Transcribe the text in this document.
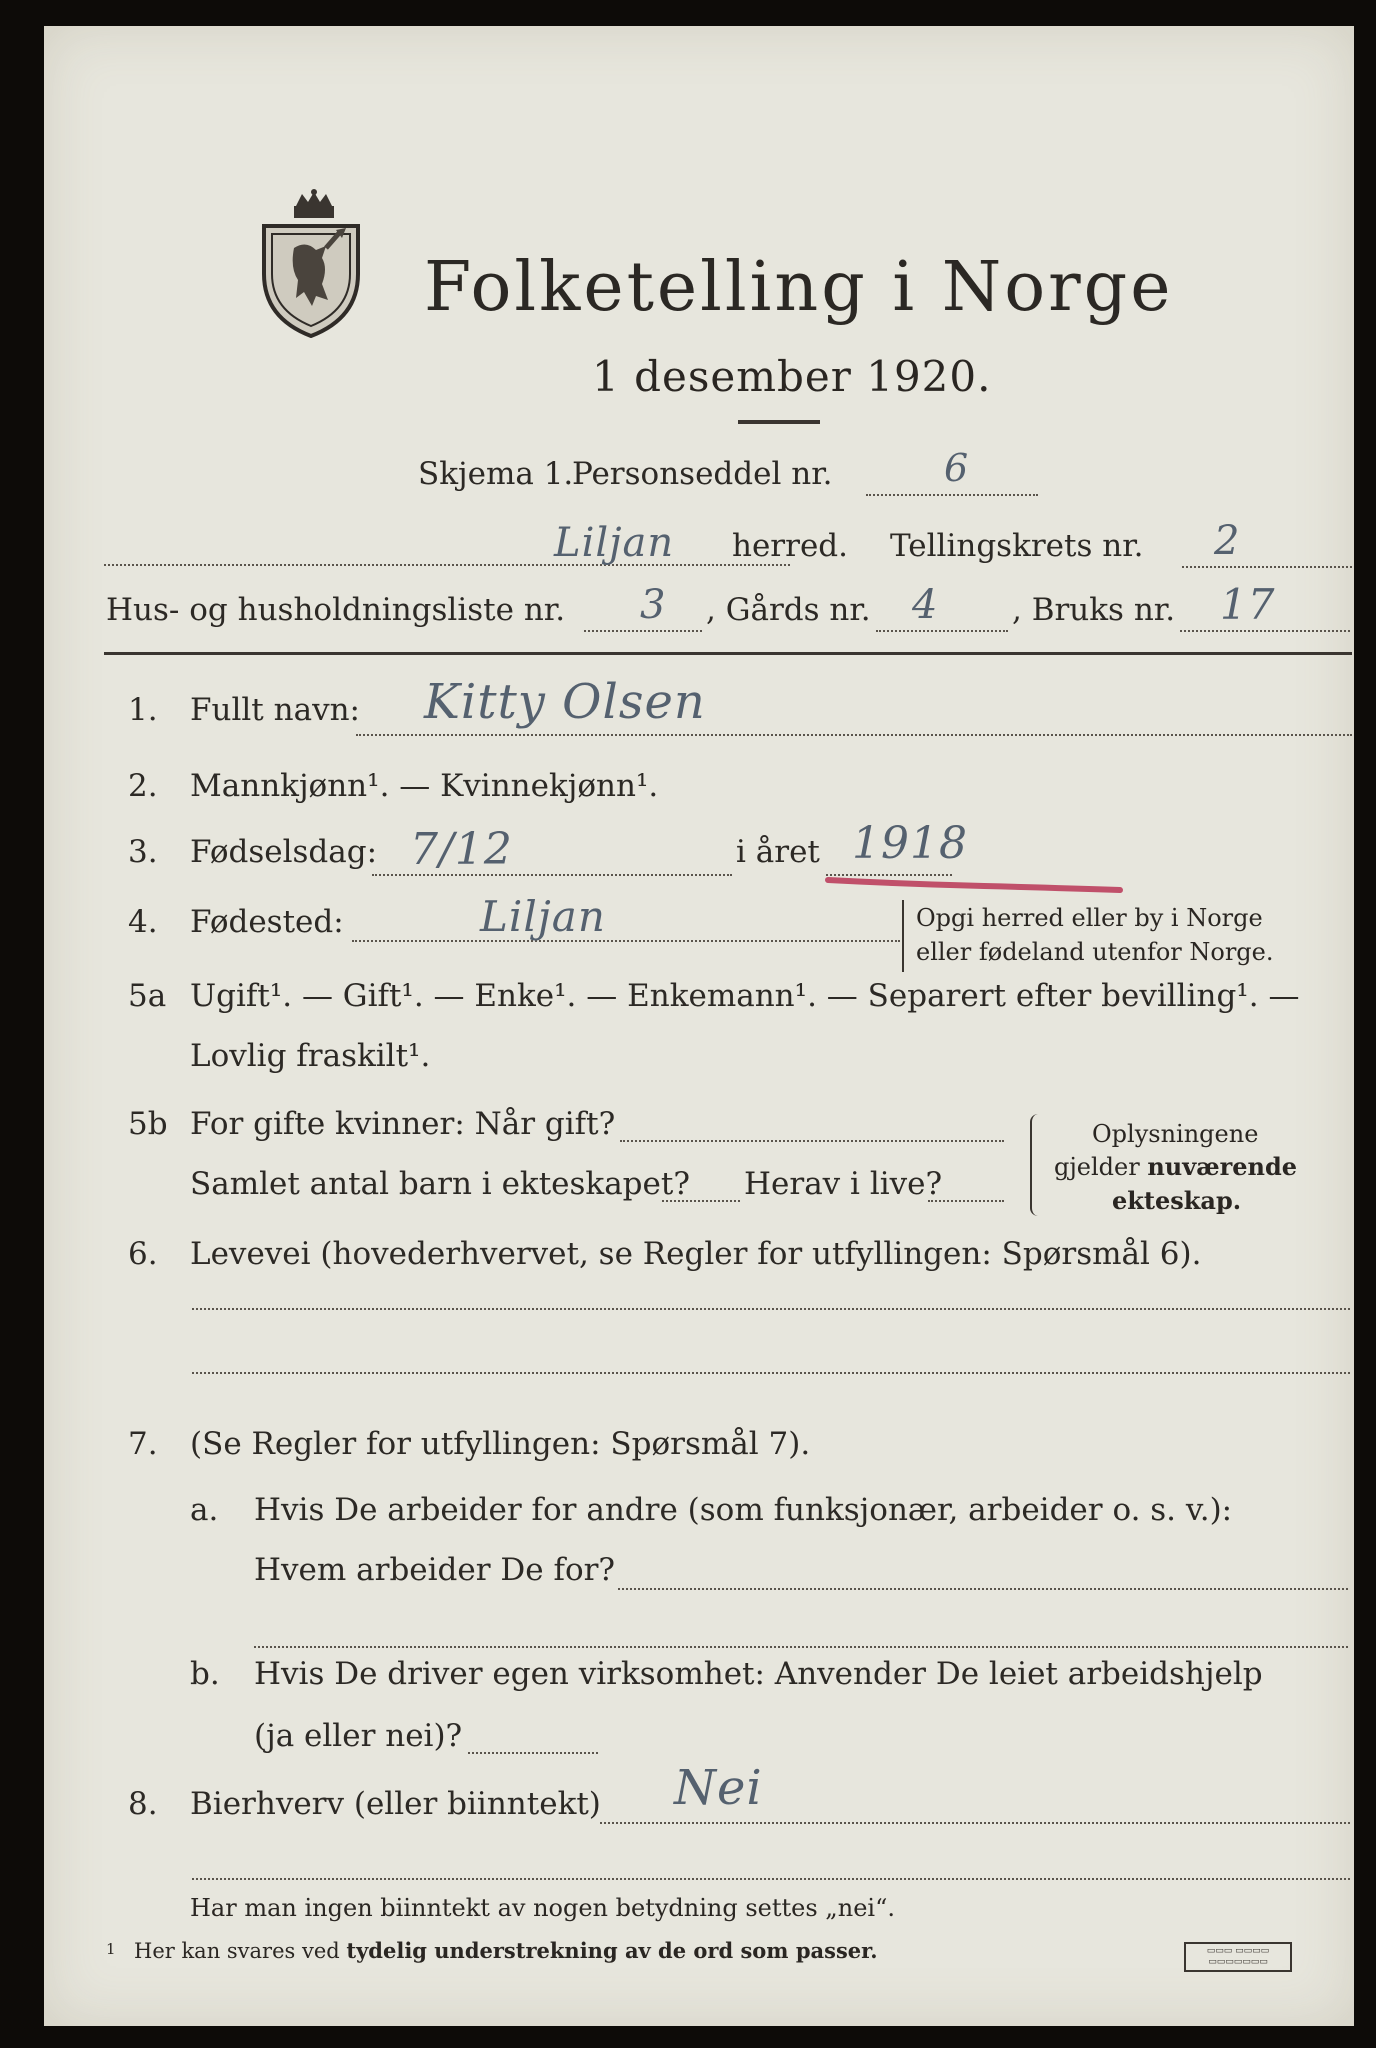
Folketelling i Norge
1 desember 1920.
Skjema 1.
Personseddel nr.	6
Liljan herred. Tellingskrets nr. 2
Hus- og husholdningsliste nr. 3 , Gårds nr. 4 , Bruks nr. 17
1. Fullt navn: Kitty Olsen
2. Mannkjønn¹. — Kvinnekjønn¹.
3. Fødselsdag: 7/12	i året 1918
4. Fødested:	Liljan	Opgi herred eller by i Norge
eller fødeland utenfor Norge.
5a Ugift¹. — Gift¹. — Enke¹. — Enkemann¹. — Separert efter bevilling¹. —
Lovlig fraskilt¹.
5b For gifte kvinner: Når gift?
Samlet antal barn i ekteskapet? Herav i live?
Oplysningene
gjelder nuværende
ekteskap.
6. Levevei (hovederhvervet, se Regler for utfyllingen: Spørsmål 6).
7. (Se Regler for utfyllingen: Spørsmål 7).
a. Hvis De arbeider for andre (som funksjonær, arbeider o. s. v.):
Hvem arbeider De for?
b. Hvis De driver egen virksomhet: Anvender De leiet arbeidshjelp
(ja eller nei)?
8. Bierhverv (eller biinntekt) Nei
Har man ingen biinntekt av nogen betydning settes „nei“.
1 Her kan svares ved tydelig understrekning av de ord som passer.	▭▭▭ ▭▭▭▭
▭▭▭▭▭▭▭
